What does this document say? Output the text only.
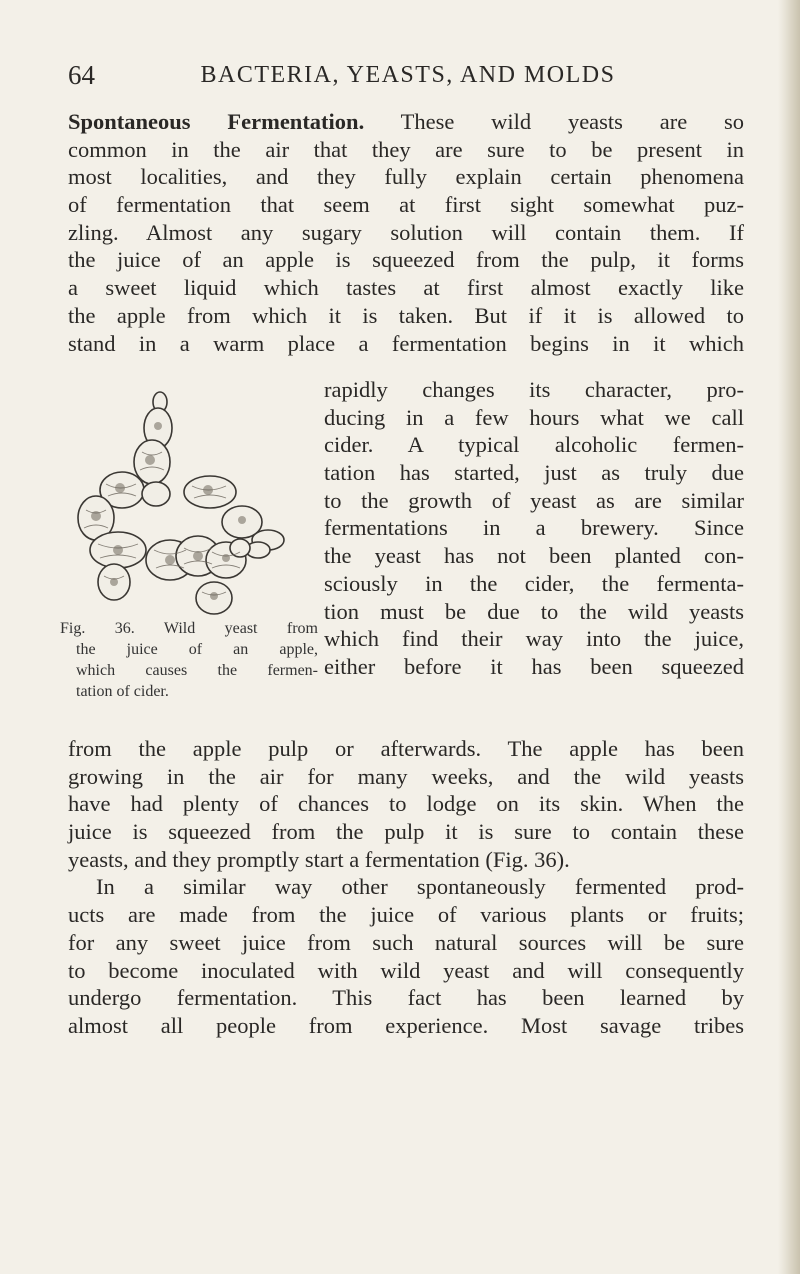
64	BACTERIA, YEASTS, AND MOLDS
Spontaneous Fermentation. These wild yeasts are so
common in the air that they are sure to be present in
most localities, and they fully explain certain phenomena
of fermentation that seem at first sight somewhat puz-
zling. Almost any sugary solution will contain them. If
the juice of an apple is squeezed from the pulp, it forms
a sweet liquid which tastes at first almost exactly like
the apple from which it is taken. But if it is allowed to
stand in a warm place a fermentation begins in it which
rapidly changes its character, pro-
ducing in a few hours what we call
cider. A typical alcoholic fermen-
tation has started, just as truly due
to the growth of yeast as are similar
fermentations in a brewery. Since
the yeast has not been planted con-
sciously in the cider, the fermenta-
tion must be due to the wild yeasts
which find their way into the juice,
either before it has been squeezed
Fig. 36. Wild yeast from
the juice of an apple,
which causes the fermen-
tation of cider.
from the apple pulp or afterwards. The apple has been
growing in the air for many weeks, and the wild yeasts
have had plenty of chances to lodge on its skin. When the
juice is squeezed from the pulp it is sure to contain these
yeasts, and they promptly start a fermentation (Fig. 36).
In a similar way other spontaneously fermented prod-
ucts are made from the juice of various plants or fruits;
for any sweet juice from such natural sources will be sure
to become inoculated with wild yeast and will consequently
undergo fermentation. This fact has been learned by
almost all people from experience. Most savage tribes
